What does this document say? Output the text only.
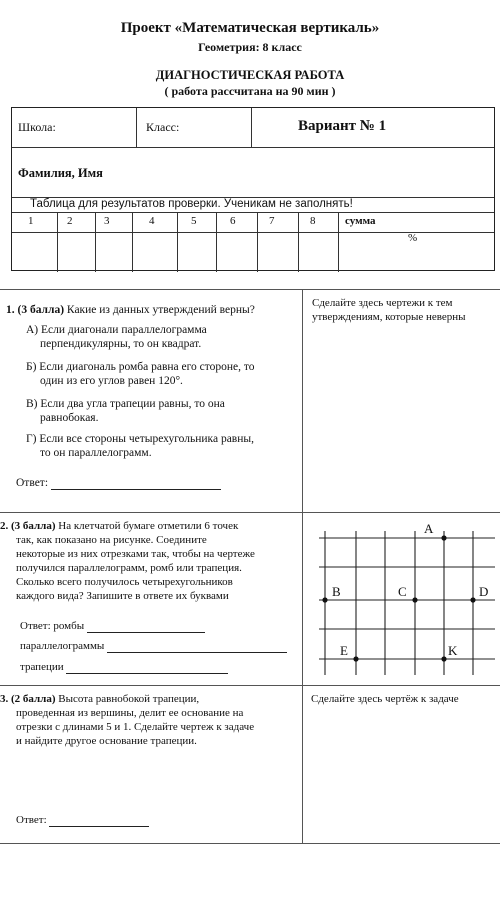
Проект «Математическая вертикаль»
Геометрия: 8 класс
ДИАГНОСТИЧЕСКАЯ РАБОТА
( работа рассчитана на 90 мин )
Школа:	Класс:	Вариант № 1
Фамилия, Имя
Таблица для результатов проверки. Ученикам не заполнять!
1	2	3	4	5	6	7	8	сумма
%
1. (3 балла) Какие из данных утверждений верны?
А) Если диагонали параллелограмма
перпендикулярны, то он квадрат.
Б) Если диагональ ромба равна его стороне, то
один из его углов равен 120°.
В) Если два угла трапеции равны, то она
равнобокая.
Г) Если все стороны четырехугольника равны,
то он параллелограмм.
Ответ:
Сделайте здесь чертежи к тем
утверждениям, которые неверны
2. (3 балла) На клетчатой бумаге отметили 6 точек
так, как показано на рисунке. Соедините
некоторые из них отрезками так, чтобы на чертеже
получился параллелограмм, ромб или трапеция.
Сколько всего получилось четырехугольников
каждого вида? Запишите в ответе их буквами
Ответ: ромбы
параллелограммы
трапеции
A
B	C	D
E	K
3. (2 балла) Высота равнобокой трапеции,
проведенная из вершины, делит ее основание на
отрезки с длинами 5 и 1. Сделайте чертеж к задаче
и найдите другое основание трапеции.
Ответ:
Сделайте здесь чертёж к задаче
